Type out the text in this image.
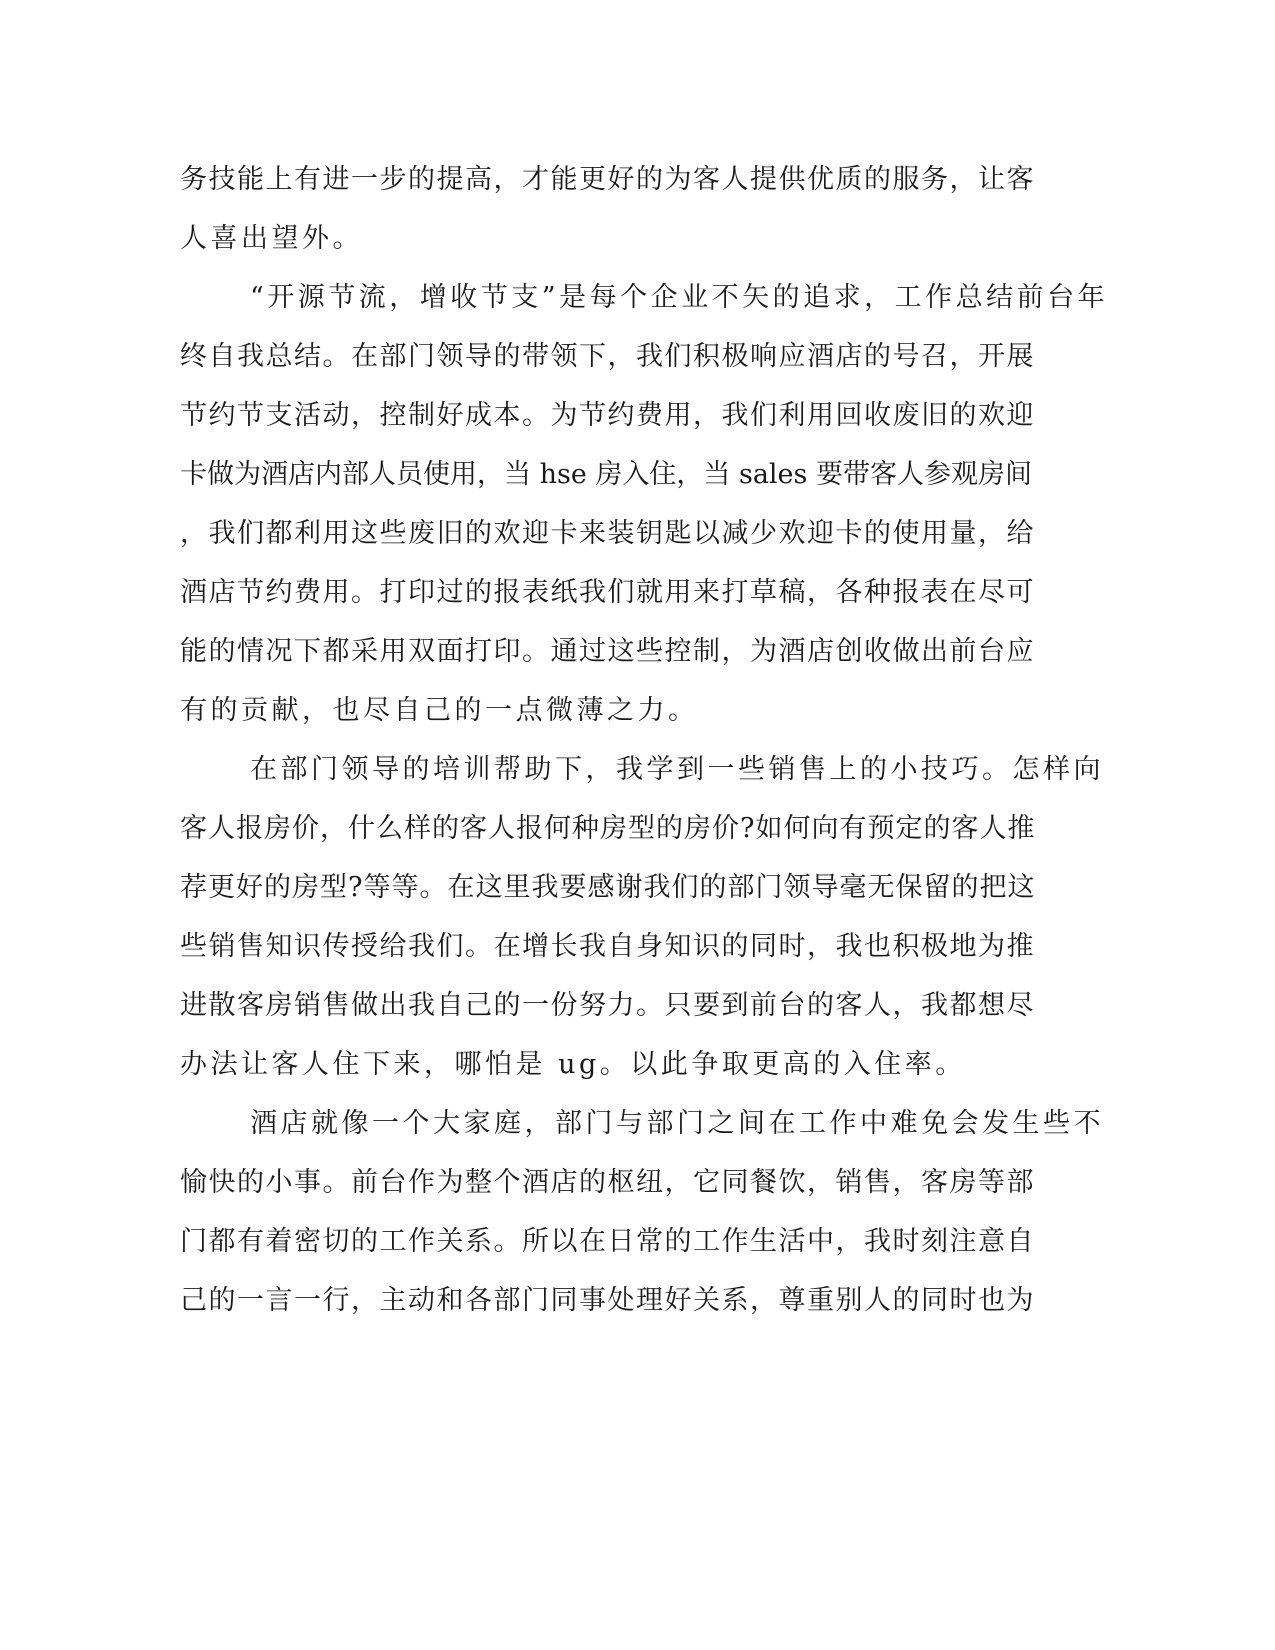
务技能上有进一步的提高，才能更好的为客人提供优质的服务，让客
人喜出望外。
“开源节流，增收节支”是每个企业不矢的追求，工作总结前台年
终自我总结。在部门领导的带领下，我们积极响应酒店的号召，开展
节约节支活动，控制好成本。为节约费用，我们利用回收废旧的欢迎
卡做为酒店内部人员使用，当 hse 房入住，当 sales 要带客人参观房间
，我们都利用这些废旧的欢迎卡来装钥匙以减少欢迎卡的使用量，给
酒店节约费用。打印过的报表纸我们就用来打草稿，各种报表在尽可
能的情况下都采用双面打印。通过这些控制，为酒店创收做出前台应
有的贡献，也尽自己的一点微薄之力。
在部门领导的培训帮助下，我学到一些销售上的小技巧。怎样向
客人报房价，什么样的客人报何种房型的房价?如何向有预定的客人推
荐更好的房型?等等。在这里我要感谢我们的部门领导毫无保留的把这
些销售知识传授给我们。在增长我自身知识的同时，我也积极地为推
进散客房销售做出我自己的一份努力。只要到前台的客人，我都想尽
办法让客人住下来，哪怕是 ug。以此争取更高的入住率。
酒店就像一个大家庭，部门与部门之间在工作中难免会发生些不
愉快的小事。前台作为整个酒店的枢纽，它同餐饮，销售，客房等部
门都有着密切的工作关系。所以在日常的工作生活中，我时刻注意自
己的一言一行，主动和各部门同事处理好关系，尊重别人的同时也为
